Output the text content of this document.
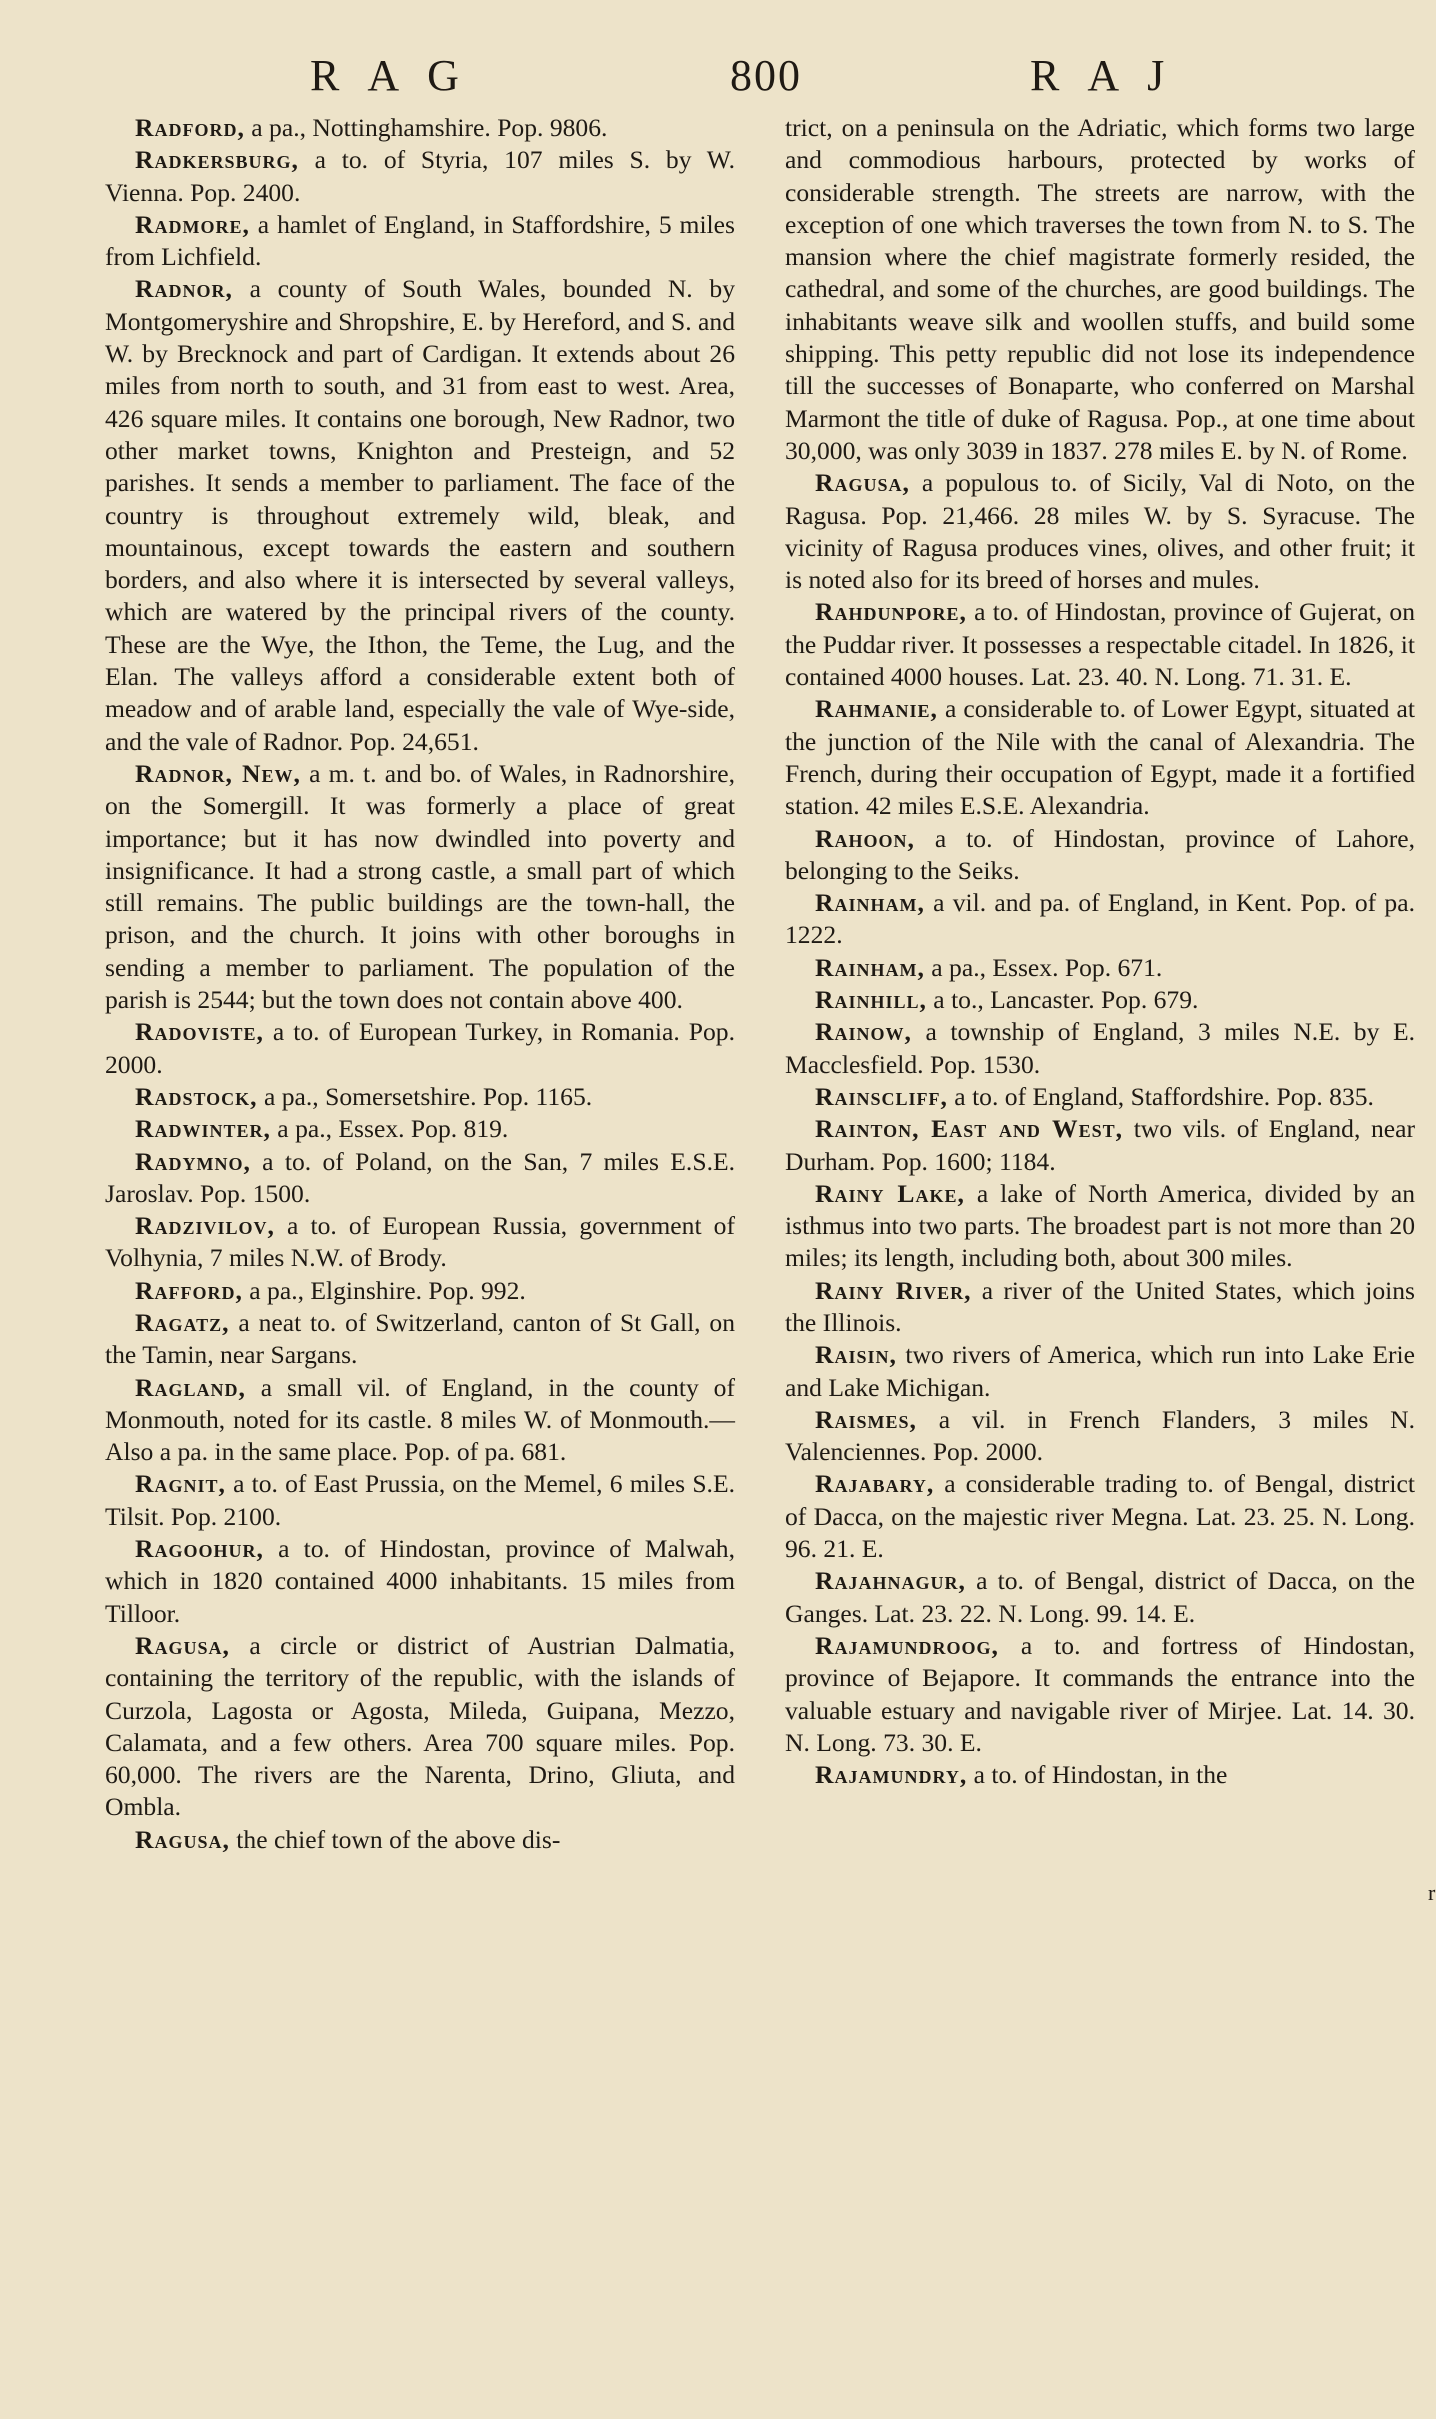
RAG	800	RAJ

Radford, a pa., Nottinghamshire. Pop. 9806.

Radkersburg, a to. of Styria, 107 miles S. by W. Vienna. Pop. 2400.

Radmore, a hamlet of England, in Staffordshire, 5 miles from Lichfield.

Radnor, a county of South Wales, bounded N. by Montgomeryshire and Shropshire, E. by Hereford, and S. and W. by Brecknock and part of Cardigan. It extends about 26 miles from north to south, and 31 from east to west. Area, 426 square miles. It contains one borough, New Radnor, two other market towns, Knighton and Presteign, and 52 parishes. It sends a member to parliament. The face of the country is throughout extremely wild, bleak, and mountainous, except towards the eastern and southern borders, and also where it is intersected by several valleys, which are watered by the principal rivers of the county. These are the Wye, the Ithon, the Teme, the Lug, and the Elan. The valleys afford a considerable extent both of meadow and of arable land, especially the vale of Wye-side, and the vale of Radnor. Pop. 24,651.

Radnor, New, a m. t. and bo. of Wales, in Radnorshire, on the Somergill. It was formerly a place of great importance; but it has now dwindled into poverty and insignificance. It had a strong castle, a small part of which still remains. The public buildings are the town-hall, the prison, and the church. It joins with other boroughs in sending a member to parliament. The population of the parish is 2544; but the town does not contain above 400.

Radoviste, a to. of European Turkey, in Romania. Pop. 2000.

Radstock, a pa., Somersetshire. Pop. 1165.

Radwinter, a pa., Essex. Pop. 819.

Radymno, a to. of Poland, on the San, 7 miles E.S.E. Jaroslav. Pop. 1500.

Radzivilov, a to. of European Russia, government of Volhynia, 7 miles N.W. of Brody.

Rafford, a pa., Elginshire. Pop. 992.

Ragatz, a neat to. of Switzerland, canton of St Gall, on the Tamin, near Sargans.

Ragland, a small vil. of England, in the county of Monmouth, noted for its castle. 8 miles W. of Monmouth.—Also a pa. in the same place. Pop. of pa. 681.

Ragnit, a to. of East Prussia, on the Memel, 6 miles S.E. Tilsit. Pop. 2100.

Ragoohur, a to. of Hindostan, province of Malwah, which in 1820 contained 4000 inhabitants. 15 miles from Tilloor.

Ragusa, a circle or district of Austrian Dalmatia, containing the territory of the republic, with the islands of Curzola, Lagosta or Agosta, Mileda, Guipana, Mezzo, Calamata, and a few others. Area 700 square miles. Pop. 60,000. The rivers are the Narenta, Drino, Gliuta, and Ombla.

Ragusa, the chief town of the above dis-

trict, on a peninsula on the Adriatic, which forms two large and commodious harbours, protected by works of considerable strength. The streets are narrow, with the exception of one which traverses the town from N. to S. The mansion where the chief magistrate formerly resided, the cathedral, and some of the churches, are good buildings. The inhabitants weave silk and woollen stuffs, and build some shipping. This petty republic did not lose its independence till the successes of Bonaparte, who conferred on Marshal Marmont the title of duke of Ragusa. Pop., at one time about 30,000, was only 3039 in 1837. 278 miles E. by N. of Rome.

Ragusa, a populous to. of Sicily, Val di Noto, on the Ragusa. Pop. 21,466. 28 miles W. by S. Syracuse. The vicinity of Ragusa produces vines, olives, and other fruit; it is noted also for its breed of horses and mules.

Rahdunpore, a to. of Hindostan, province of Gujerat, on the Puddar river. It possesses a respectable citadel. In 1826, it contained 4000 houses. Lat. 23. 40. N. Long. 71. 31. E.

Rahmanie, a considerable to. of Lower Egypt, situated at the junction of the Nile with the canal of Alexandria. The French, during their occupation of Egypt, made it a fortified station. 42 miles E.S.E. Alexandria.

Rahoon, a to. of Hindostan, province of Lahore, belonging to the Seiks.

Rainham, a vil. and pa. of England, in Kent. Pop. of pa. 1222.

Rainham, a pa., Essex. Pop. 671.

Rainhill, a to., Lancaster. Pop. 679.

Rainow, a township of England, 3 miles N.E. by E. Macclesfield. Pop. 1530.

Rainscliff, a to. of England, Staffordshire. Pop. 835.

Rainton, East and West, two vils. of England, near Durham. Pop. 1600; 1184.

Rainy Lake, a lake of North America, divided by an isthmus into two parts. The broadest part is not more than 20 miles; its length, including both, about 300 miles.

Rainy River, a river of the United States, which joins the Illinois.

Raisin, two rivers of America, which run into Lake Erie and Lake Michigan.

Raismes, a vil. in French Flanders, 3 miles N. Valenciennes. Pop. 2000.

Rajabary, a considerable trading to. of Bengal, district of Dacca, on the majestic river Megna. Lat. 23. 25. N. Long. 96. 21. E.

Rajahnagur, a to. of Bengal, district of Dacca, on the Ganges. Lat. 23. 22. N. Long. 99. 14. E.

Rajamundroog, a to. and fortress of Hindostan, province of Bejapore. It commands the entrance into the valuable estuary and navigable river of Mirjee. Lat. 14. 30. N. Long. 73. 30. E.

Rajamundry, a to. of Hindostan, in the

r
